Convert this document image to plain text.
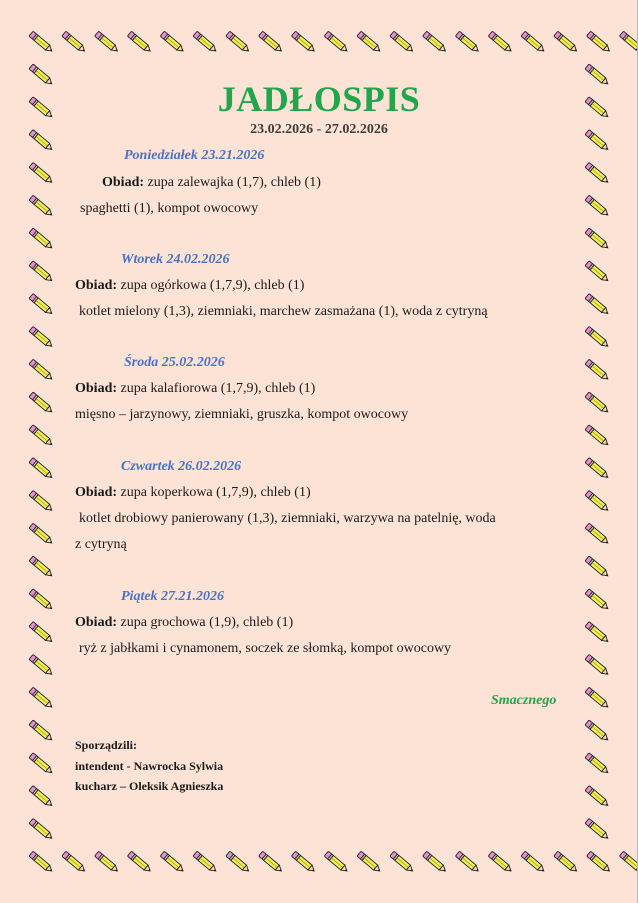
JADŁOSPIS
23.02.2026 - 27.02.2026
Poniedziałek 23.21.2026
Obiad: zupa zalewajka (1,7), chleb (1)
spaghetti (1), kompot owocowy
Wtorek 24.02.2026
Obiad: zupa ogórkowa (1,7,9), chleb (1)
kotlet mielony (1,3), ziemniaki, marchew zasmażana (1), woda z cytryną
Środa 25.02.2026
Obiad: zupa kalafiorowa (1,7,9), chleb (1)
mięsno – jarzynowy, ziemniaki, gruszka, kompot owocowy
Czwartek 26.02.2026
Obiad: zupa koperkowa (1,7,9), chleb (1)
kotlet drobiowy panierowany (1,3), ziemniaki, warzywa na patelnię, woda
z cytryną
Piątek 27.21.2026
Obiad: zupa grochowa (1,9), chleb (1)
ryż z jabłkami i cynamonem, soczek ze słomką, kompot owocowy
Smacznego
Sporządzili:
intendent - Nawrocka Sylwia
kucharz – Oleksik Agnieszka
